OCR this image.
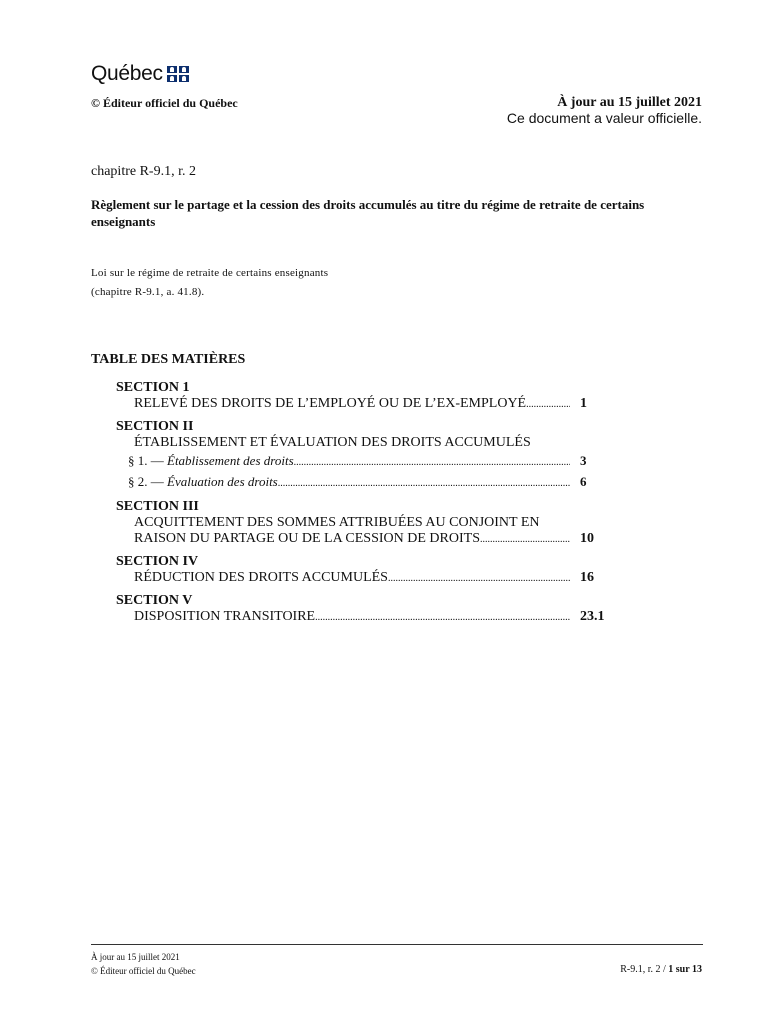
Québec
© Éditeur officiel du Québec	À jour au 15 juillet 2021
Ce document a valeur officielle.
chapitre R-9.1, r. 2
Règlement sur le partage et la cession des droits accumulés au titre du régime de retraite de certains enseignants
Loi sur le régime de retraite de certains enseignants
(chapitre R-9.1, a. 41.8).
TABLE DES MATIÈRES
SECTION 1
RELEVÉ DES DROITS DE L’EMPLOYÉ OU DE L’EX-EMPLOYÉ .....	1
SECTION II
ÉTABLISSEMENT ET ÉVALUATION DES DROITS ACCUMULÉS
§ 1. — Établissement des droits .....	3
§ 2. — Évaluation des droits .....	6
SECTION III
ACQUITTEMENT DES SOMMES ATTRIBUÉES AU CONJOINT EN
RAISON DU PARTAGE OU DE LA CESSION DE DROITS .....	10
SECTION IV
RÉDUCTION DES DROITS ACCUMULÉS .....	16
SECTION V
DISPOSITION TRANSITOIRE .....	23.1
À jour au 15 juillet 2021
© Éditeur officiel du Québec	R-9.1, r. 2 / 1 sur 13
